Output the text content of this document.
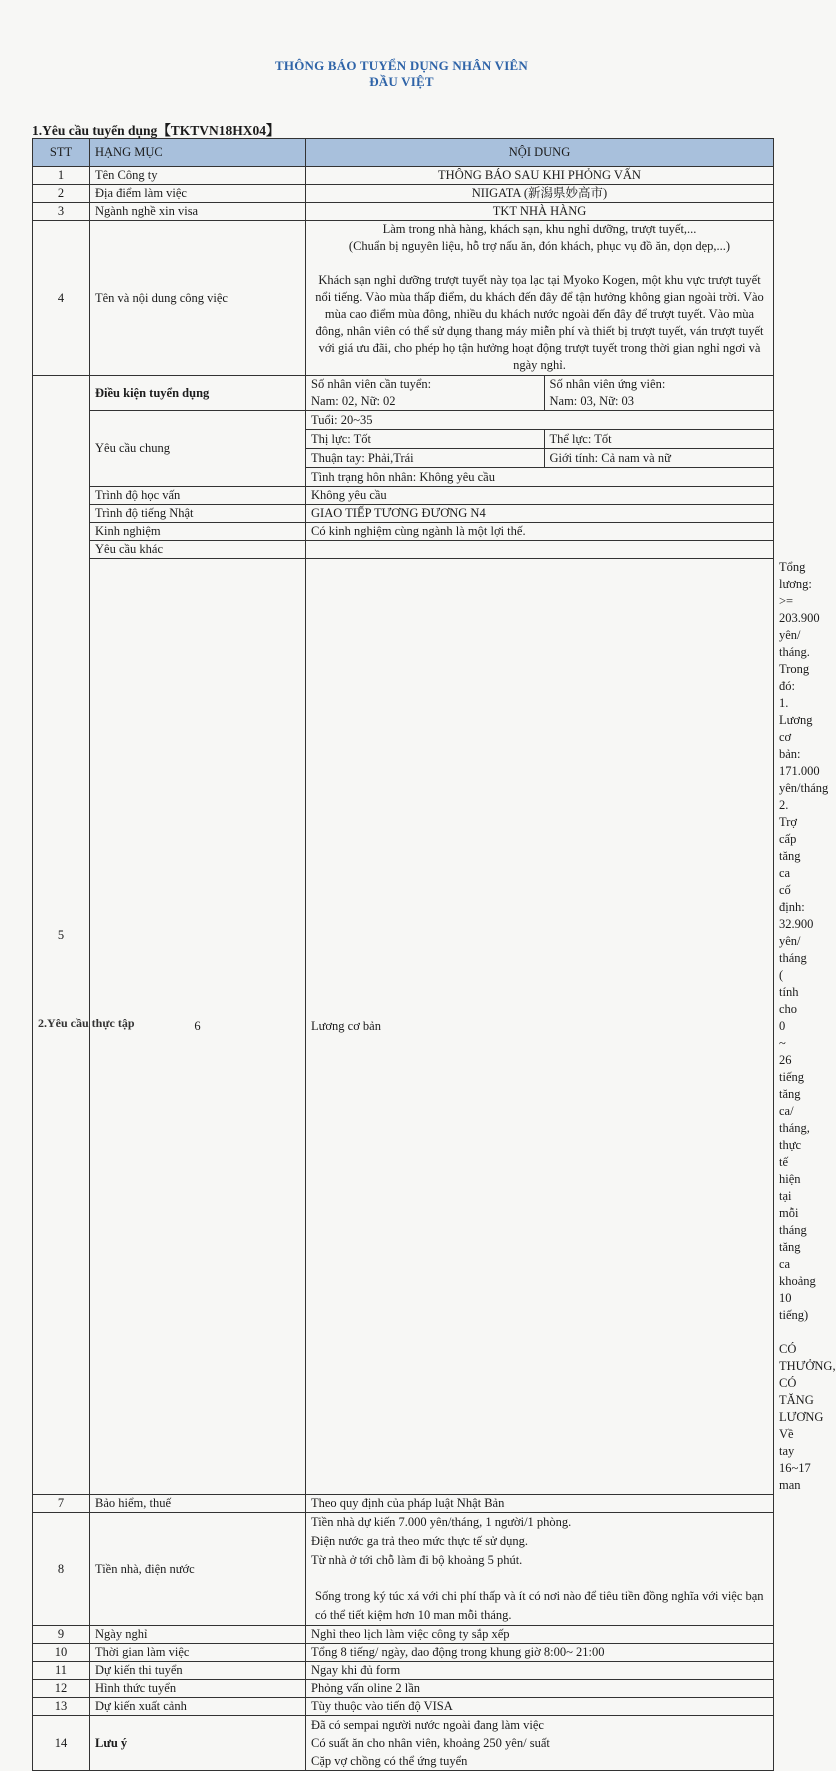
THÔNG BÁO TUYỂN DỤNG NHÂN VIÊN
ĐẦU VIỆT
1.Yêu cầu tuyển dụng【TKTVN18HX04】
STT	HẠNG MỤC	NỘI DUNG
1	Tên Công ty	THÔNG BÁO SAU KHI PHỎNG VẤN
2	Địa điểm làm việc	NIIGATA (新潟県妙高市)
3	Ngành nghề xin visa	TKT NHÀ HÀNG
4	Tên và nội dung công việc	
Làm trong nhà hàng, khách sạn, khu nghỉ dưỡng, trượt tuyết,...
(Chuẩn bị nguyên liệu, hỗ trợ nấu ăn, đón khách, phục vụ đồ ăn, dọn dẹp,...)
Khách sạn nghỉ dưỡng trượt tuyết này tọa lạc tại Myoko Kogen, một khu vực trượt tuyết nổi tiếng. Vào mùa thấp điểm, du khách đến đây để tận hưởng không gian ngoài trời. Vào mùa cao điểm mùa đông, nhiều du khách nước ngoài đến đây để trượt tuyết. Vào mùa đông, nhân viên có thể sử dụng thang máy miễn phí và thiết bị trượt tuyết, ván trượt tuyết với giá ưu đãi, cho phép họ tận hưởng hoạt động trượt tuyết trong thời gian nghỉ ngơi và ngày nghỉ.

5	Điều kiện tuyển dụng	
Số nhân viên cần tuyển:
Nam: 02, Nữ: 02

Số nhân viên ứng viên:
Nam: 03, Nữ: 03

Yêu cầu chung	
Tuổi: 20~35
Thị lực: Tốt	Thể lực: Tốt
Thuận tay: Phải,Trái	Giới tính: Cả nam và nữ
Tình trạng hôn nhân: Không yêu cầu

Trình độ học vấn	Không yêu cầu
Trình độ tiếng Nhật	GIAO TIẾP TƯƠNG ĐƯƠNG N4
Kinh nghiệm	Có kinh nghiệm cùng ngành là một lợi thế.
Yêu cầu khác	
6	Lương cơ bản	
Tổng lương: >= 203.900 yên/ tháng. Trong đó:
1. Lương cơ bản: 171.000 yên/tháng
2. Trợ cấp tăng ca cố định: 32.900 yên/ tháng ( tính cho 0 ~ 26 tiếng tăng ca/ tháng, thực tế hiện tại mỗi tháng tăng ca khoảng 10 tiếng)
CÓ THƯỞNG, CÓ TĂNG LƯƠNG
Về tay 16~17 man

7	Bảo hiểm, thuế	Theo quy định của pháp luật Nhật Bản
8	Tiền nhà, điện nước	
Tiền nhà dự kiến 7.000 yên/tháng, 1 người/1 phòng.
Điện nước ga trả theo mức thực tế sử dụng.
Từ nhà ở tới chỗ làm đi bộ khoảng 5 phút.
Sống trong ký túc xá với chi phí thấp và ít có nơi nào để tiêu tiền đồng nghĩa với việc bạn có thể tiết kiệm hơn 10 man mỗi tháng.

9	Ngày nghỉ	Nghỉ theo lịch làm việc công ty sắp xếp
10	Thời gian làm việc	Tổng 8 tiếng/ ngày, dao động trong khung giờ 8:00~ 21:00
11	Dự kiến thi tuyển	Ngay khi đủ form
12	Hình thức tuyển	Phỏng vấn oline 2 lần
13	Dự kiến xuất cảnh	Tùy thuộc vào tiến độ VISA
14	Lưu ý	
Đã có sempai người nước ngoài đang làm việc
Có suất ăn cho nhân viên, khoảng 250 yên/ suất
Cặp vợ chồng có thể ứng tuyển
2.Yêu cầu thực tập
